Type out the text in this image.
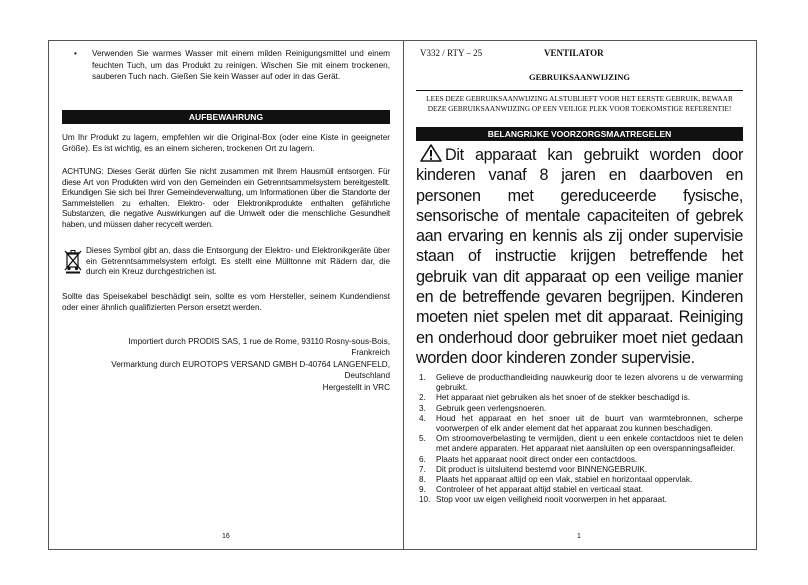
• Verwenden Sie warmes Wasser mit einem milden Reinigungsmittel und einem feuchten Tuch, um das Produkt zu reinigen. Wischen Sie mit einem trockenen, sauberen Tuch nach. Gießen Sie kein Wasser auf oder in das Gerät.
AUFBEWAHRUNG
Um Ihr Produkt zu lagern, empfehlen wir die Original-Box (oder eine Kiste in geeigneter Größe). Es ist wichtig, es an einem sicheren, trockenen Ort zu lagern.
ACHTUNG: Dieses Gerät dürfen Sie nicht zusammen mit Ihrem Hausmüll entsorgen. Für diese Art von Produkten wird von den Gemeinden ein Getrenntsammelsystem bereitgestellt. Erkundigen Sie sich bei Ihrer Gemeindeverwaltung, um Informationen über die Standorte der Sammelstellen zu erhalten. Elektro- oder Elektronikprodukte enthalten gefährliche Substanzen, die negative Auswirkungen auf die Umwelt oder die menschliche Gesundheit haben, und müssen daher recycelt werden.
Dieses Symbol gibt an, dass die Entsorgung der Elektro- und Elektronikgeräte über ein Getrenntsammelsystem erfolgt. Es stellt eine Mülltonne mit Rädern dar, die durch ein Kreuz durchgestrichen ist.
Sollte das Speisekabel beschädigt sein, sollte es vom Hersteller, seinem Kundendienst oder einer ähnlich qualifizierten Person ersetzt werden.
Importiert durch PRODIS SAS, 1 rue de Rome, 93110 Rosny-sous-Bois,
Frankreich
Vermarktung durch EUROTOPS VERSAND GMBH D-40764 LANGENFELD,
Deutschland
Hergestellt in VRC
16
V332 / RTY – 25	VENTILATOR
GEBRUIKSAANWIJZING
LEES DEZE GEBRUIKSAANWIJZING ALSTUBLIEFT VOOR HET EERSTE GEBRUIK, BEWAAR DEZE GEBRUIKSAANWIJZING OP EEN VEILIGE PLEK VOOR TOEKOMSTIGE REFERENTIE!
BELANGRIJKE VOORZORGSMAATREGELEN
Dit apparaat kan gebruikt worden door kinderen vanaf 8 jaren en daarboven en personen met gereduceerde fysische, sensorische of mentale capaciteiten of gebrek aan ervaring en kennis als zij onder supervisie staan of instructie krijgen betreffende het gebruik van dit apparaat op een veilige manier en de betreffende gevaren begrijpen. Kinderen moeten niet spelen met dit apparaat. Reiniging en onderhoud door gebruiker moet niet gedaan worden door kinderen zonder supervisie.
1. Gelieve de producthandleiding nauwkeurig door te lezen alvorens u de verwarming gebruikt.
2. Het apparaat niet gebruiken als het snoer of de stekker beschadigd is.
3. Gebruik geen verlengsnoeren.
4. Houd het apparaat en het snoer uit de buurt van warmtebronnen, scherpe voorwerpen of elk ander element dat het apparaat zou kunnen beschadigen.
5. Om stroomoverbelasting te vermijden, dient u een enkele contactdoos niet te delen met andere apparaten. Het apparaat niet aansluiten op een overspanningsafleider.
6. Plaats het apparaat nooit direct onder een contactdoos.
7. Dit product is uitsluitend bestemd voor BINNENGEBRUIK.
8. Plaats het apparaat altijd op een vlak, stabiel en horizontaal oppervlak.
9. Controleer of het apparaat altijd stabiel en verticaal staat.
10. Stop voor uw eigen veiligheid nooit voorwerpen in het apparaat.
1
